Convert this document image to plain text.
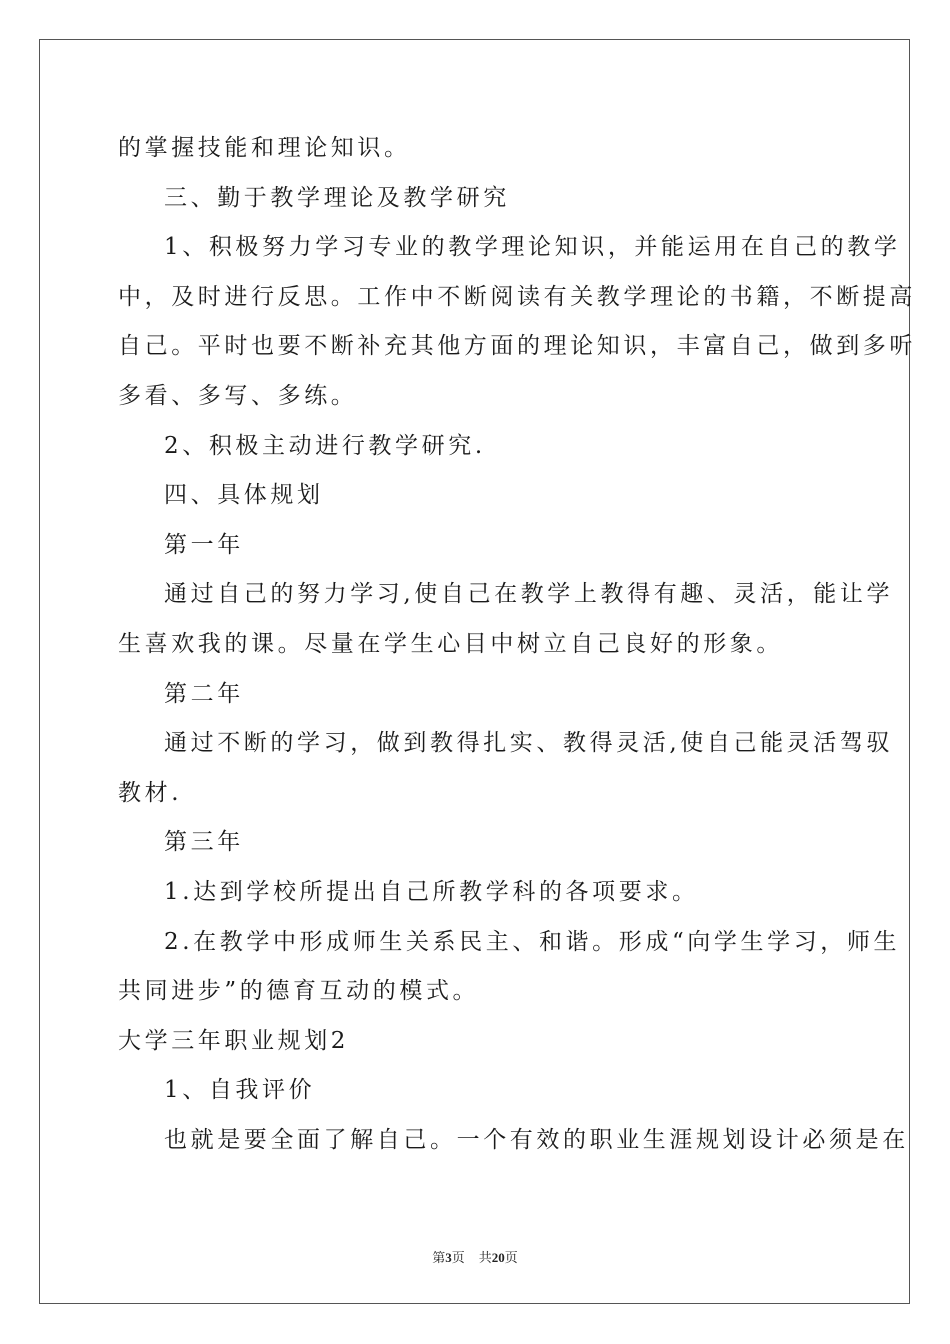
的掌握技能和理论知识。
三、勤于教学理论及教学研究
1、积极努力学习专业的教学理论知识，并能运用在自己的教学
中，及时进行反思。工作中不断阅读有关教学理论的书籍，不断提高
自己。平时也要不断补充其他方面的理论知识，丰富自己，做到多听
多看、多写、多练。
2、积极主动进行教学研究.
四、具体规划
第一年
通过自己的努力学习,使自己在教学上教得有趣、灵活，能让学
生喜欢我的课。尽量在学生心目中树立自己良好的形象。
第二年
通过不断的学习，做到教得扎实、教得灵活,使自己能灵活驾驭
教材.
第三年
1.达到学校所提出自己所教学科的各项要求。
2.在教学中形成师生关系民主、和谐。形成“向学生学习，师生
共同进步”的德育互动的模式。
大学三年职业规划2
1、自我评价
也就是要全面了解自己。一个有效的职业生涯规划设计必须是在
第3页 共20页
